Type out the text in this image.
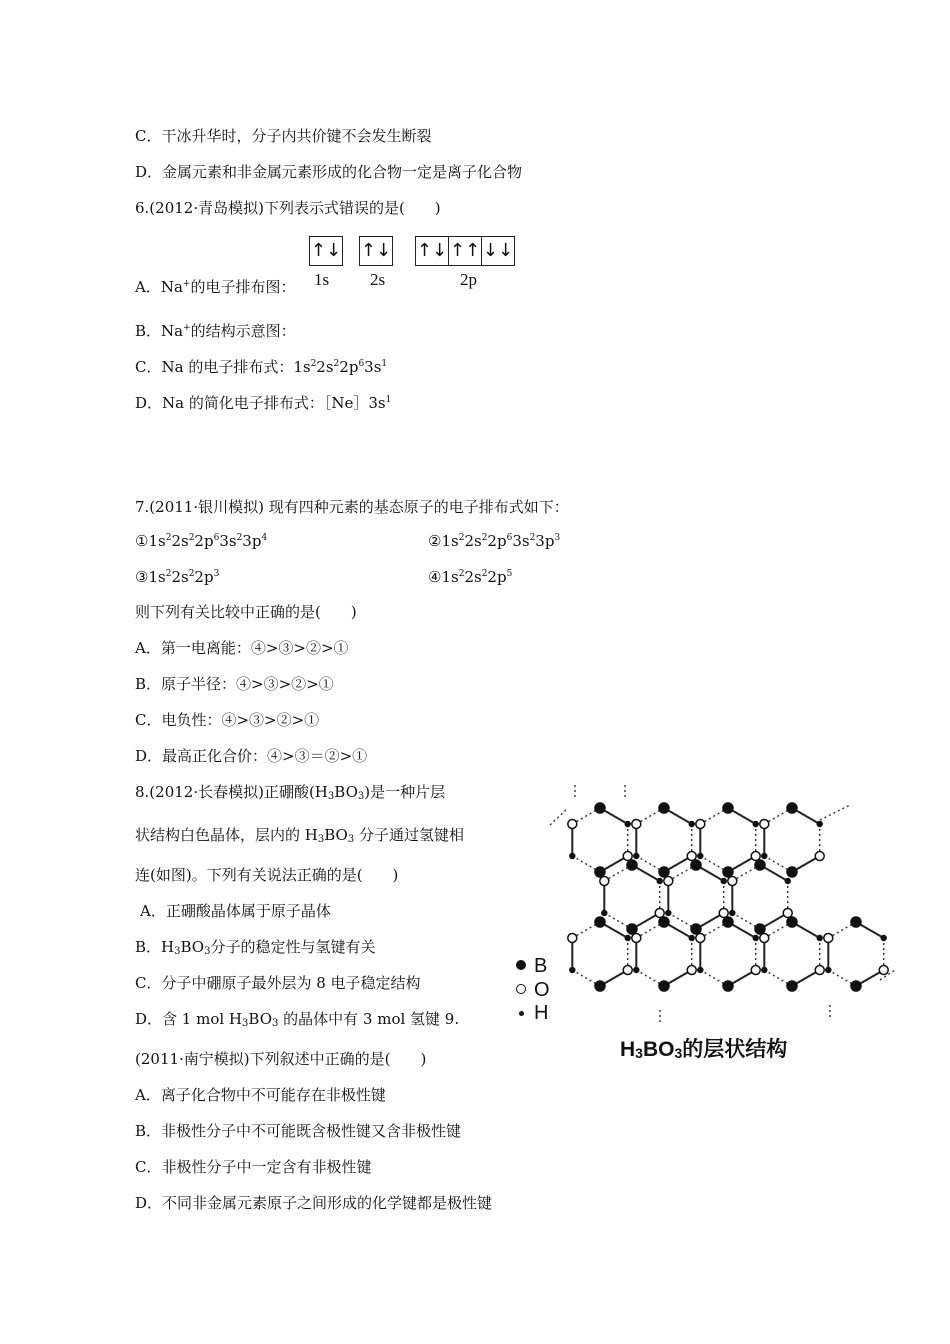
C．干冰升华时，分子内共价键不会发生断裂
D．金属元素和非金属元素形成的化合物一定是离子化合物
6.(2012·青岛模拟)下列表示式错误的是(　　)
↑↓ ↑↓ ↑↓ ↑↑ ↓↓
1s 2s	2p
A．Na+的电子排布图：
B．Na+的结构示意图：
C．Na 的电子排布式：$1s^22s^22p^63s^1$
D．Na 的简化电子排布式：$[Ne]3s^1$
7.(2011·银川模拟) 现有四种元素的基态原子的电子排布式如下：
$①1s^22s^22p^63s^23p^4$	$②1s^22s^22p^63s^23p^3$
$③1s^22s^22p^3$	$④1s^22s^22p^5$
则下列有关比较中正确的是(　　)
A．第一电离能：④>③>②>①
B．原子半径：④>③>②>①
C．电负性：④>③>②>①
D．最高正化合价：④>③＝②>①
8.(2012·长春模拟)正硼酸$(H_3BO_3)$是一种片层
状结构白色晶体，层内的 $H_3BO_3$ 分子通过氢键相
连(如图)。下列有关说法正确的是(　　)
A．正硼酸晶体属于原子晶体
B．$H_3BO_3$分子的稳定性与氢键有关
C．分子中硼原子最外层为 8 电子稳定结构
D．含 1 mol $H_3BO_3$ 的晶体中有 3 mol 氢键 9.
(2011·南宁模拟)下列叙述中正确的是(　　)
A．离子化合物中不可能存在非极性键
B．非极性分子中不可能既含极性键又含非极性键
C．非极性分子中一定含有非极性键
D．不同非金属元素原子之间形成的化学键都是极性键
B
O
H
$H_3BO_3$的层状结构
